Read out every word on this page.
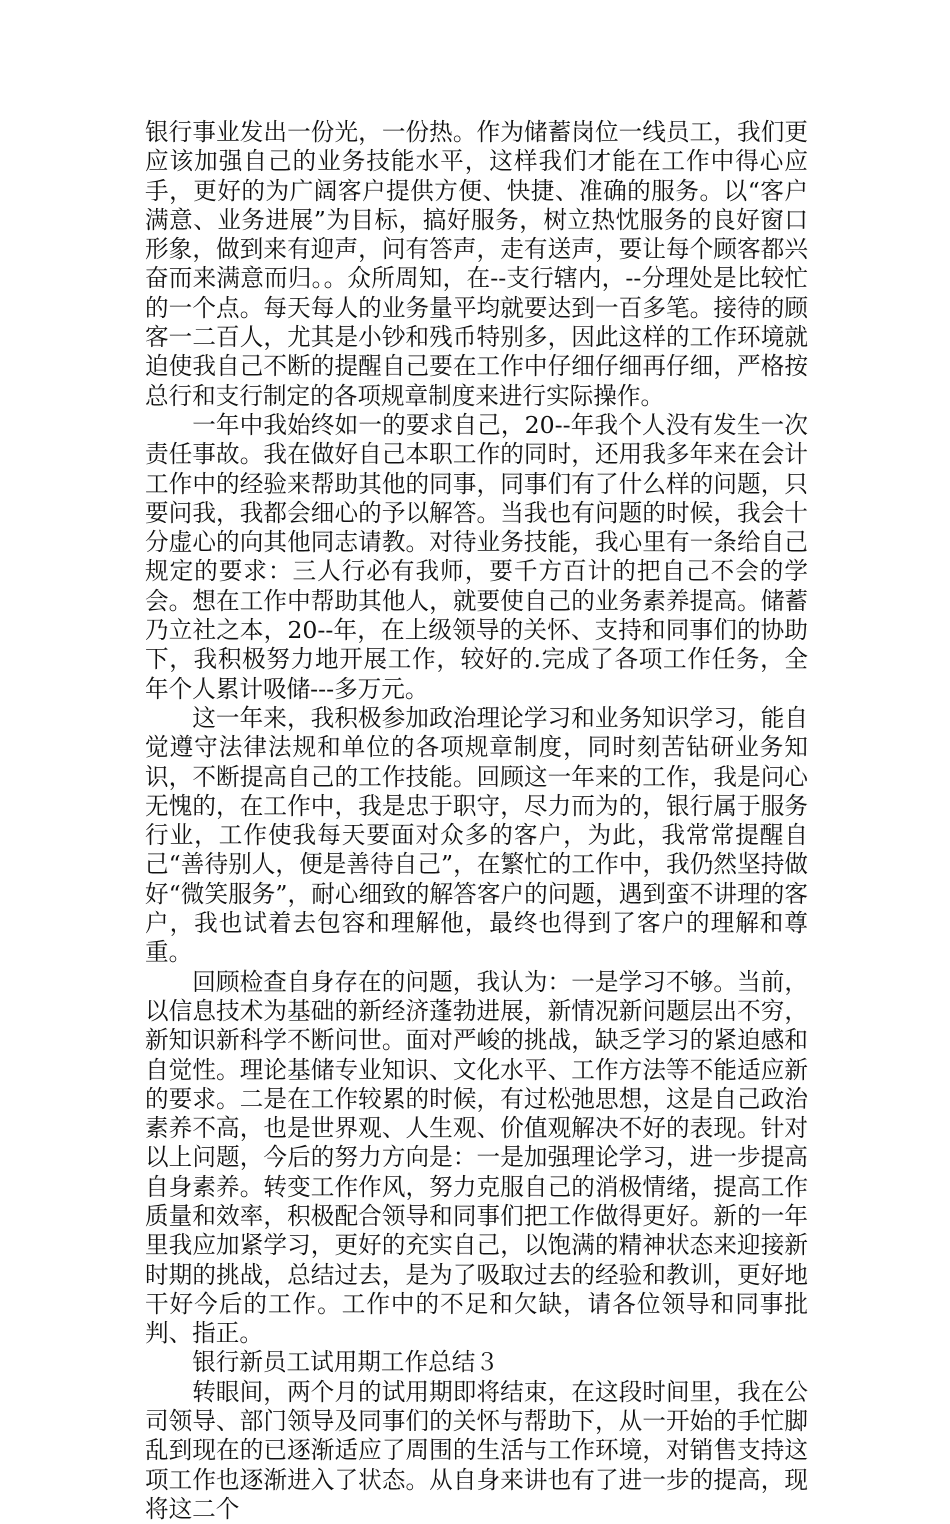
银行事业发出一份光，一份热。作为储蓄岗位一线员工，我们更应该加强自己的业务技能水平，这样我们才能在工作中得心应手，更好的为广阔客户提供方便、快捷、准确的服务。以“客户满意、业务进展”为目标，搞好服务，树立热忱服务的良好窗口形象，做到来有迎声，问有答声，走有送声，要让每个顾客都兴奋而来满意而归。。众所周知，在--支行辖内，--分理处是比较忙的一个点。每天每人的业务量平均就要达到一百多笔。接待的顾客一二百人，尤其是小钞和残币特别多，因此这样的工作环境就迫使我自己不断的提醒自己要在工作中仔细仔细再仔细，严格按总行和支行制定的各项规章制度来进行实际操作。

一年中我始终如一的要求自己，20--年我个人没有发生一次责任事故。我在做好自己本职工作的同时，还用我多年来在会计工作中的经验来帮助其他的同事，同事们有了什么样的问题，只要问我，我都会细心的予以解答。当我也有问题的时候，我会十分虚心的向其他同志请教。对待业务技能，我心里有一条给自己规定的要求：三人行必有我师，要千方百计的把自己不会的学会。想在工作中帮助其他人，就要使自己的业务素养提高。储蓄乃立社之本，20--年，在上级领导的关怀、支持和同事们的协助下，我积极努力地开展工作，较好的.完成了各项工作任务，全年个人累计吸储---多万元。

这一年来，我积极参加政治理论学习和业务知识学习，能自觉遵守法律法规和单位的各项规章制度，同时刻苦钻研业务知识，不断提高自己的工作技能。回顾这一年来的工作，我是问心无愧的，在工作中，我是忠于职守，尽力而为的，银行属于服务行业，工作使我每天要面对众多的客户，为此，我常常提醒自己“善待别人，便是善待自己”，在繁忙的工作中，我仍然坚持做好“微笑服务”，耐心细致的解答客户的问题，遇到蛮不讲理的客户，我也试着去包容和理解他，最终也得到了客户的理解和尊重。

回顾检查自身存在的问题，我认为：一是学习不够。当前，以信息技术为基础的新经济蓬勃进展，新情况新问题层出不穷，新知识新科学不断问世。面对严峻的挑战，缺乏学习的紧迫感和自觉性。理论基储专业知识、文化水平、工作方法等不能适应新的要求。二是在工作较累的时候，有过松弛思想，这是自己政治素养不高，也是世界观、人生观、价值观解决不好的表现。针对以上问题，今后的努力方向是：一是加强理论学习，进一步提高自身素养。转变工作作风，努力克服自己的消极情绪，提高工作质量和效率，积极配合领导和同事们把工作做得更好。新的一年里我应加紧学习，更好的充实自己，以饱满的精神状态来迎接新时期的挑战，总结过去，是为了吸取过去的经验和教训，更好地干好今后的工作。工作中的不足和欠缺，请各位领导和同事批判、指正。

银行新员工试用期工作总结３

转眼间，两个月的试用期即将结束，在这段时间里，我在公司领导、部门领导及同事们的关怀与帮助下，从一开始的手忙脚乱到现在的已逐渐适应了周围的生活与工作环境，对销售支持这项工作也逐渐进入了状态。从自身来讲也有了进一步的提高，现将这二个
